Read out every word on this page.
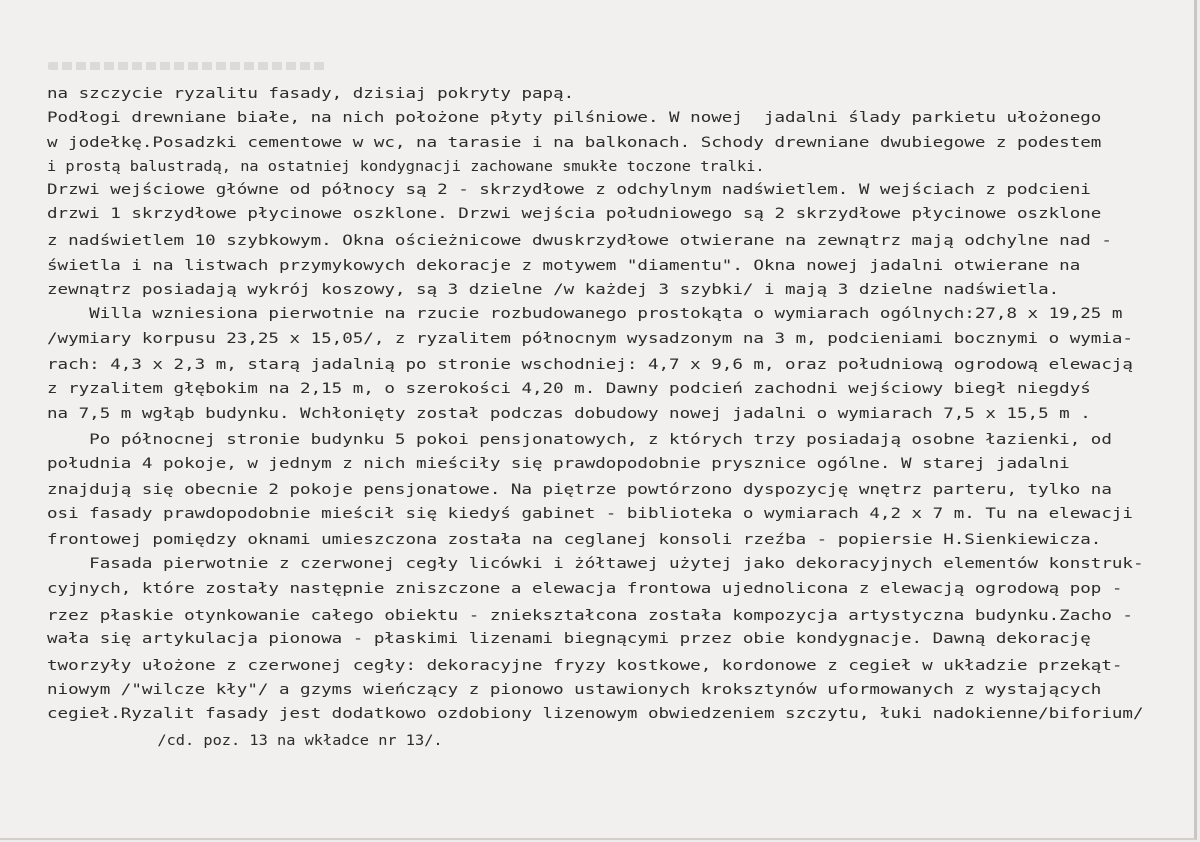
na szczycie ryzalitu fasady, dzisiaj pokryty papą.
Podłogi drewniane białe, na nich położone płyty pilśniowe. W nowej  jadalni ślady parkietu ułożonego
w jodełkę.Posadzki cementowe w wc, na tarasie i na balkonach. Schody drewniane dwubiegowe z podestem
i prostą balustradą, na ostatniej kondygnacji zachowane smukłe toczone tralki.
Drzwi wejściowe główne od północy są 2 - skrzydłowe z odchylnym nadświetlem. W wejściach z podcieni
drzwi 1 skrzydłowe płycinowe oszklone. Drzwi wejścia południowego są 2 skrzydłowe płycinowe oszklone
z nadświetlem 10 szybkowym. Okna ościeżnicowe dwuskrzydłowe otwierane na zewnątrz mają odchylne nad -
świetla i na listwach przymykowych dekoracje z motywem "diamentu". Okna nowej jadalni otwierane na
zewnątrz posiadają wykrój koszowy, są 3 dzielne /w każdej 3 szybki/ i mają 3 dzielne nadświetla.
Willa wzniesiona pierwotnie na rzucie rozbudowanego prostokąta o wymiarach ogólnych:27,8 x 19,25 m
/wymiary korpusu 23,25 x 15,05/, z ryzalitem północnym wysadzonym na 3 m, podcieniami bocznymi o wymia-
rach: 4,3 x 2,3 m, starą jadalnią po stronie wschodniej: 4,7 x 9,6 m, oraz południową ogrodową elewacją
z ryzalitem głębokim na 2,15 m, o szerokości 4,20 m. Dawny podcień zachodni wejściowy biegł niegdyś
na 7,5 m wgłąb budynku. Wchłonięty został podczas dobudowy nowej jadalni o wymiarach 7,5 x 15,5 m .
Po północnej stronie budynku 5 pokoi pensjonatowych, z których trzy posiadają osobne łazienki, od
południa 4 pokoje, w jednym z nich mieściły się prawdopodobnie prysznice ogólne. W starej jadalni
znajdują się obecnie 2 pokoje pensjonatowe. Na piętrze powtórzono dyspozycję wnętrz parteru, tylko na
osi fasady prawdopodobnie mieścił się kiedyś gabinet - biblioteka o wymiarach 4,2 x 7 m. Tu na elewacji
frontowej pomiędzy oknami umieszczona została na ceglanej konsoli rzeźba - popiersie H.Sienkiewicza.
Fasada pierwotnie z czerwonej cegły licówki i żółtawej użytej jako dekoracyjnych elementów konstruk-
cyjnych, które zostały następnie zniszczone a elewacja frontowa ujednolicona z elewacją ogrodową pop -
rzez płaskie otynkowanie całego obiektu - zniekształcona została kompozycja artystyczna budynku.Zacho -
wała się artykulacja pionowa - płaskimi lizenami biegnącymi przez obie kondygnacje. Dawną dekorację
tworzyły ułożone z czerwonej cegły: dekoracyjne fryzy kostkowe, kordonowe z cegieł w układzie przekąt-
niowym /"wilcze kły"/ a gzyms wieńczący z pionowo ustawionych kroksztynów uformowanych z wystających
cegieł.Ryzalit fasady jest dodatkowo ozdobiony lizenowym obwiedzeniem szczytu, łuki nadokienne/biforium/
/cd. poz. 13 na wkładce nr 13/.
